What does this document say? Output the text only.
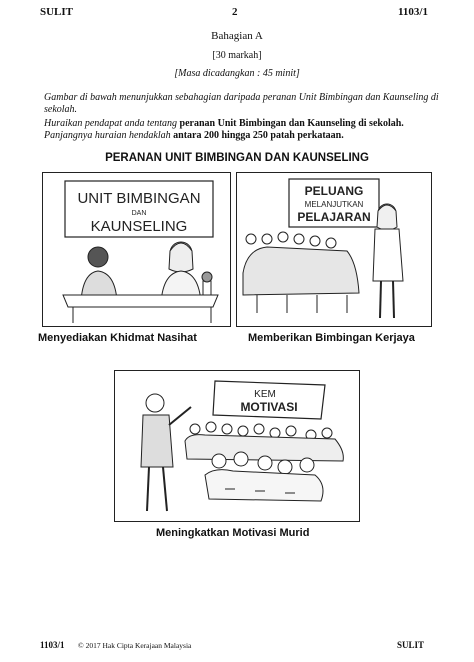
SULIT	2	1103/1
Bahagian A
[30 markah]
[Masa dicadangkan : 45 minit]
Gambar di bawah menunjukkan sebahagian daripada peranan Unit Bimbingan dan Kaunseling di sekolah.
Huraikan pendapat anda tentang peranan Unit Bimbingan dan Kaunseling di sekolah. Panjangnya huraian hendaklah antara 200 hingga 250 patah perkataan.
PERANAN UNIT BIMBINGAN DAN KAUNSELING
UNIT BIMBINGAN
DAN
KAUNSELING
Menyediakan Khidmat Nasihat
PELUANG
MELANJUTKAN
PELAJARAN
Memberikan Bimbingan Kerjaya
KEM
MOTIVASI
Meningkatkan Motivasi Murid
1103/1 © 2017 Hak Cipta Kerajaan Malaysia	SULIT
